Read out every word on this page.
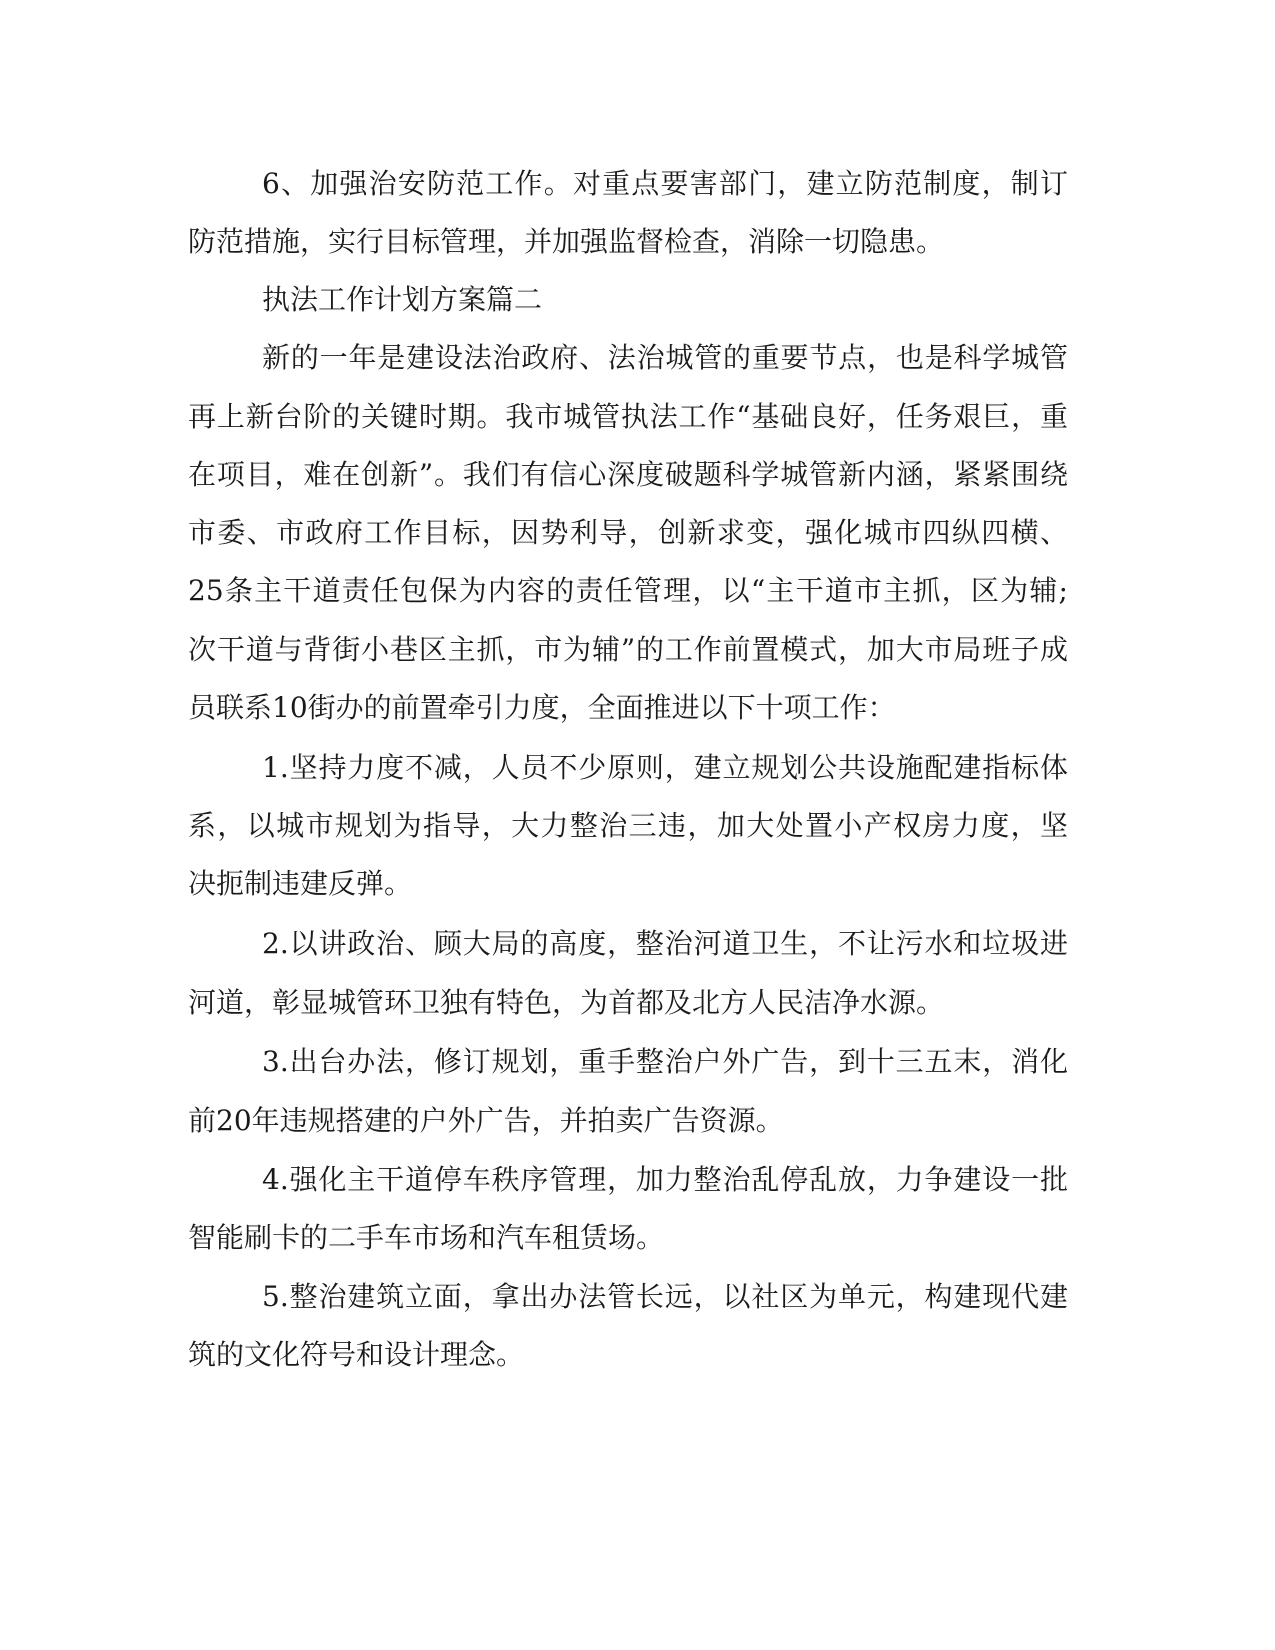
6、加强治安防范工作。对重点要害部门，建立防范制度，制订

防范措施，实行目标管理，并加强监督检查，消除一切隐患。

执法工作计划方案篇二

新的一年是建设法治政府、法治城管的重要节点，也是科学城管

再上新台阶的关键时期。我市城管执法工作“基础良好，任务艰巨，重

在项目，难在创新”。我们有信心深度破题科学城管新内涵，紧紧围绕

市委、市政府工作目标，因势利导，创新求变，强化城市四纵四横、

25条主干道责任包保为内容的责任管理，以“主干道市主抓，区为辅;

次干道与背街小巷区主抓，市为辅”的工作前置模式，加大市局班子成

员联系10街办的前置牵引力度，全面推进以下十项工作：

1.坚持力度不减，人员不少原则，建立规划公共设施配建指标体

系，以城市规划为指导，大力整治三违，加大处置小产权房力度，坚

决扼制违建反弹。

2.以讲政治、顾大局的高度，整治河道卫生，不让污水和垃圾进

河道，彰显城管环卫独有特色，为首都及北方人民洁净水源。

3.出台办法，修订规划，重手整治户外广告，到十三五末，消化

前20年违规搭建的户外广告，并拍卖广告资源。

4.强化主干道停车秩序管理，加力整治乱停乱放，力争建设一批

智能刷卡的二手车市场和汽车租赁场。

5.整治建筑立面，拿出办法管长远，以社区为单元，构建现代建

筑的文化符号和设计理念。
